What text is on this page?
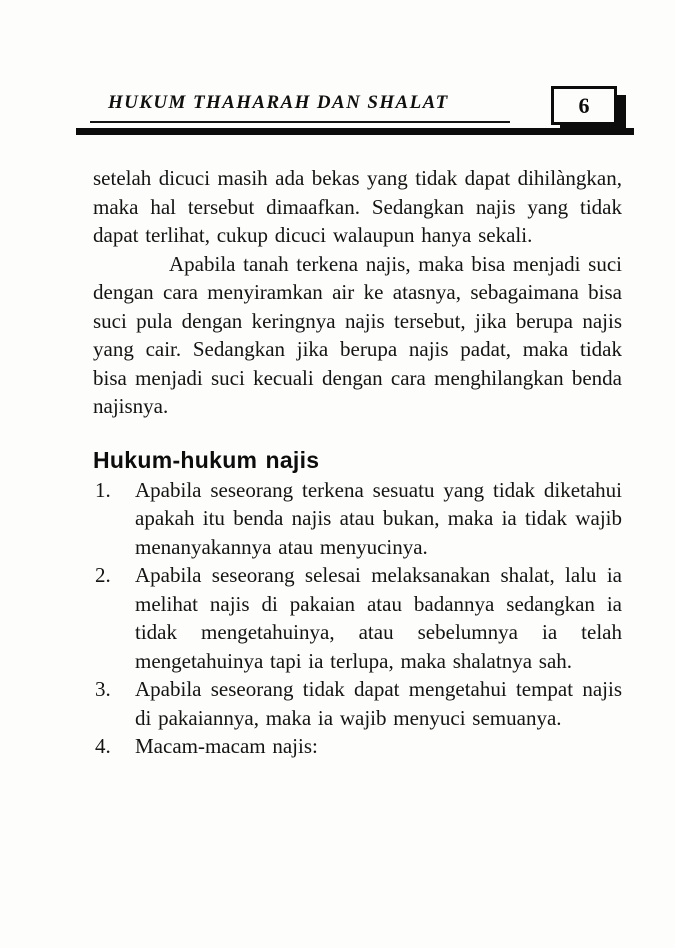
HUKUM THAHARAH DAN SHALAT	6

setelah dicuci masih ada bekas yang tidak dapat dihilàngkan, maka hal tersebut dimaafkan. Sedangkan najis yang tidak dapat terlihat, cukup dicuci walaupun hanya sekali.

Apabila tanah terkena najis, maka bisa menjadi suci dengan cara menyiramkan air ke atasnya, sebagaimana bisa suci pula dengan keringnya najis tersebut, jika berupa najis yang cair. Sedangkan jika berupa najis padat, maka tidak bisa menjadi suci kecuali dengan cara menghilangkan benda najisnya.

Hukum-hukum najis
1. Apabila seseorang terkena sesuatu yang tidak diketahui apakah itu benda najis atau bukan, maka ia tidak wajib menanyakannya atau menyucinya.
2. Apabila seseorang selesai melaksanakan shalat, lalu ia melihat najis di pakaian atau badannya sedangkan ia tidak mengetahuinya, atau sebelumnya ia telah mengetahuinya tapi ia terlupa, maka shalatnya sah.
3. Apabila seseorang tidak dapat mengetahui tempat najis di pakaiannya, maka ia wajib menyuci semuanya.
4. Macam-macam najis:
